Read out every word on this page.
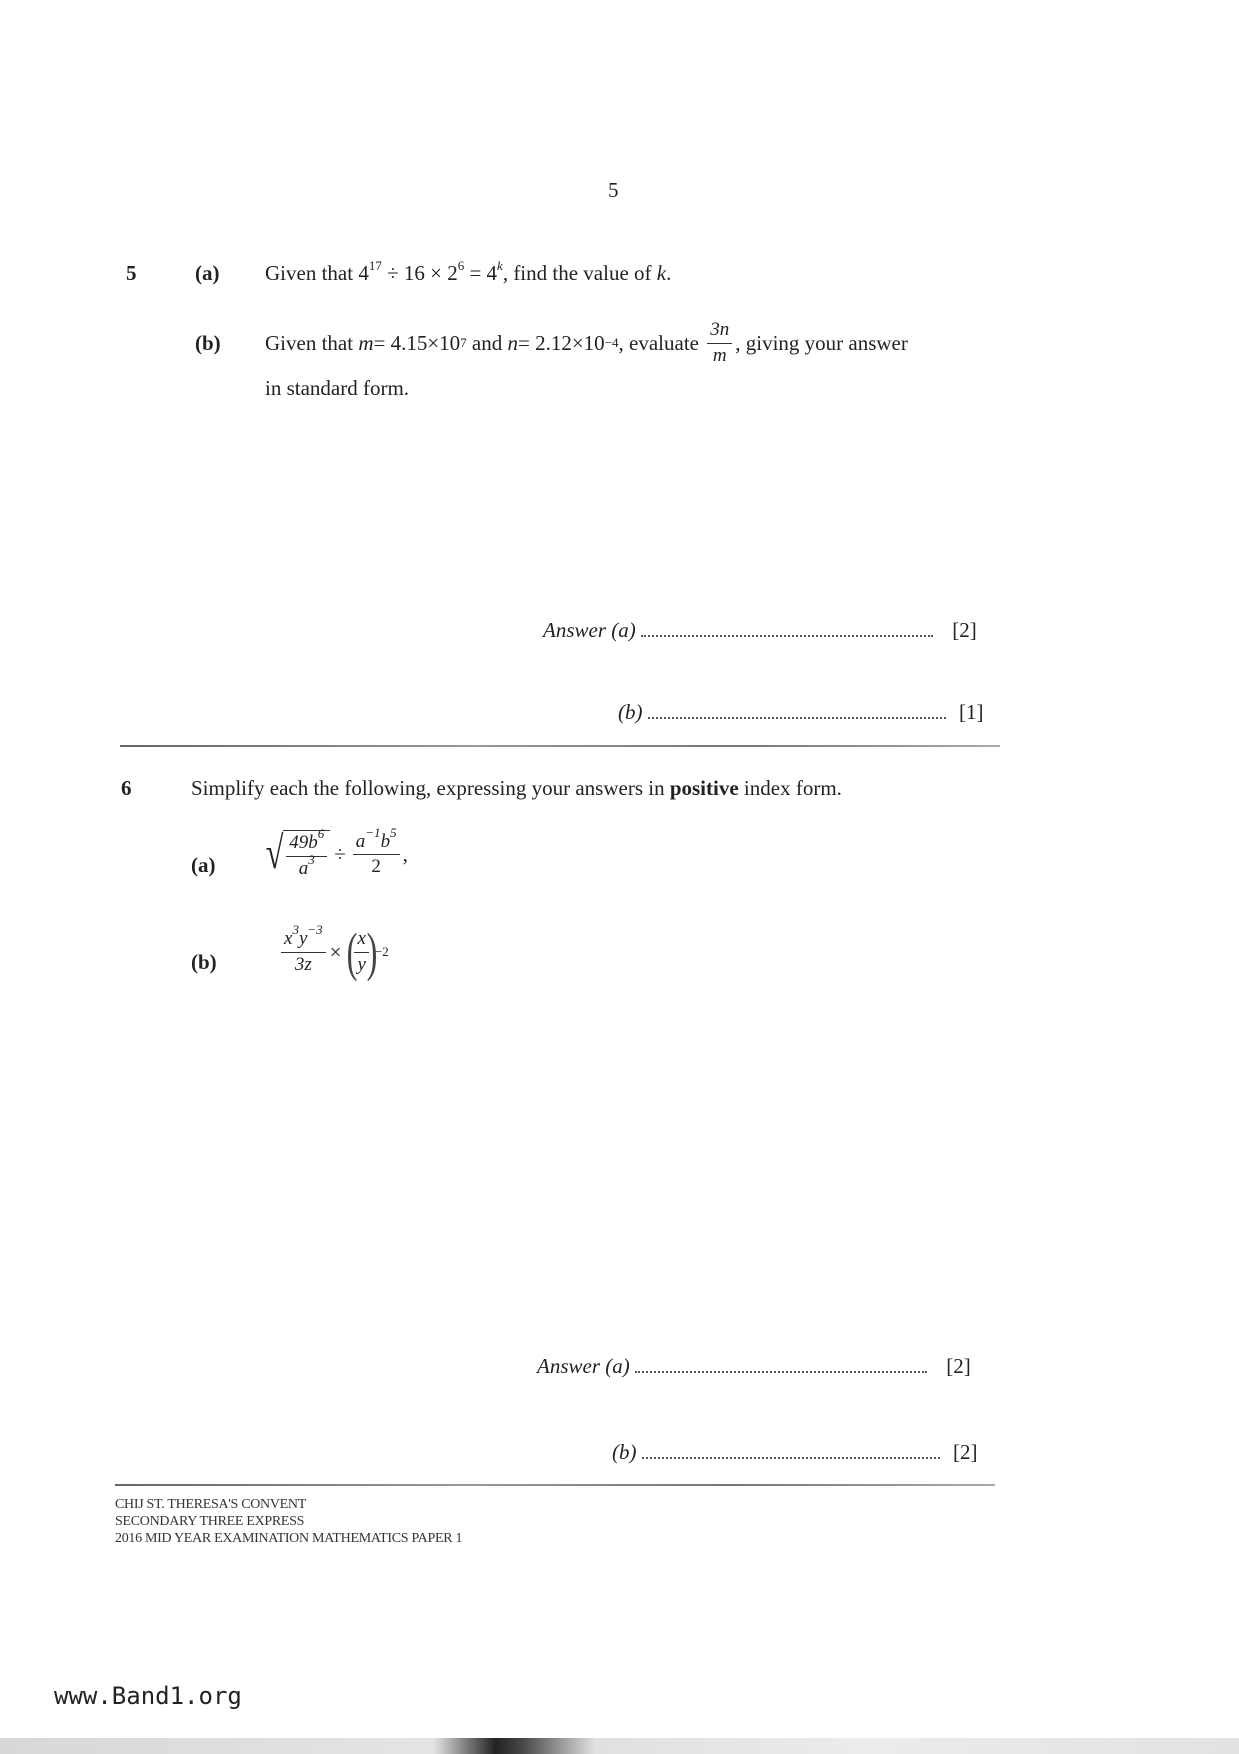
5
5	(a) Given that $4^{17} \div 16 \times 2^6 = 4^k$, find the value of k.
(b) Given that
m = 4.15×10 7 and n = 2.12×10 −4 , evaluate $\frac{3n}{m}$ , giving your answer
in standard form.
Answer (a)	[2]
(b)	[1]
6	Simplify each the following, expressing your answers in positive index form.
(a) √ $\frac{49b^6}{a^3} \div \frac{a^{-1}b^5}{2}$ ,
(b)	$\frac{x^3y^{-3}}{3z}$ × (
$\frac{x}{y}$
)
−2
Answer (a)	[2]
(b)	[2]
CHIJ ST. THERESA'S CONVENT
SECONDARY THREE EXPRESS
2016 MID YEAR EXAMINATION MATHEMATICS PAPER 1
www.Band1.org
